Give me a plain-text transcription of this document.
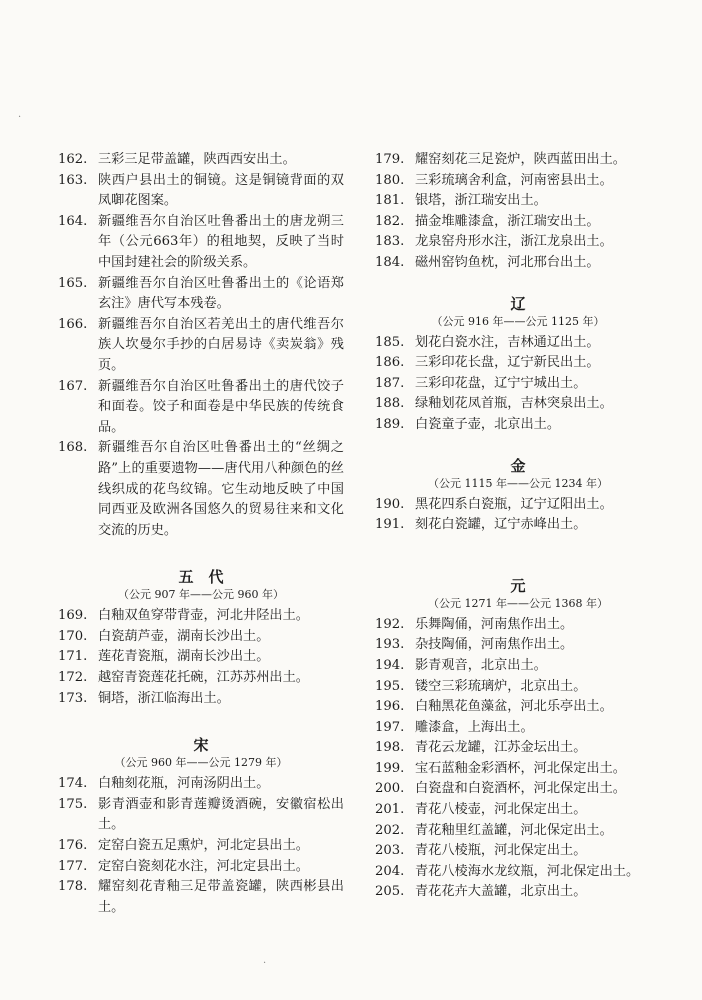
162. 三彩三足带盖罐，陕西西安出土。
163. 陕西户县出土的铜镜。这是铜镜背面的双凤啣花图案。
164. 新疆维吾尔自治区吐鲁番出土的唐龙朔三年（公元663年）的租地契，反映了当时中国封建社会的阶级关系。
165. 新疆维吾尔自治区吐鲁番出土的《论语郑玄注》唐代写本残卷。
166. 新疆维吾尔自治区若羌出土的唐代维吾尔族人坎曼尔手抄的白居易诗《卖炭翁》残页。
167. 新疆维吾尔自治区吐鲁番出土的唐代饺子和面卷。饺子和面卷是中华民族的传统食品。
168. 新疆维吾尔自治区吐鲁番出土的“丝绸之路”上的重要遗物——唐代用八种颜色的丝线织成的花鸟纹锦。它生动地反映了中国同西亚及欧洲各国悠久的贸易往来和文化交流的历史。
五　代
（公元 907 年——公元 960 年）
169. 白釉双鱼穿带背壶，河北井陉出土。
170. 白瓷葫芦壶，湖南长沙出土。
171. 莲花青瓷瓶，湖南长沙出土。
172. 越窑青瓷莲花托碗，江苏苏州出土。
173. 铜塔，浙江临海出土。
宋
（公元 960 年——公元 1279 年）
174. 白釉刻花瓶，河南汤阴出土。
175. 影青酒壶和影青莲瓣烫酒碗，安徽宿松出土。
176. 定窑白瓷五足熏炉，河北定县出土。
177. 定窑白瓷刻花水注，河北定县出土。
178. 耀窑刻花青釉三足带盖瓷罐，陕西彬县出土。
179. 耀窑刻花三足瓷炉，陕西蓝田出土。
180. 三彩琉璃舍利盒，河南密县出土。
181. 银塔，浙江瑞安出土。
182. 描金堆雕漆盒，浙江瑞安出土。
183. 龙泉窑舟形水注，浙江龙泉出土。
184. 磁州窑钧鱼枕，河北邢台出土。
辽
（公元 916 年——公元 1125 年）
185. 划花白瓷水注，吉林通辽出土。
186. 三彩印花长盘，辽宁新民出土。
187. 三彩印花盘，辽宁宁城出土。
188. 绿釉划花凤首瓶，吉林突泉出土。
189. 白瓷童子壶，北京出土。
金
（公元 1115 年——公元 1234 年）
190. 黑花四系白瓷瓶，辽宁辽阳出土。
191. 刻花白瓷罐，辽宁赤峰出土。
元
（公元 1271 年——公元 1368 年）
192. 乐舞陶俑，河南焦作出土。
193. 杂技陶俑，河南焦作出土。
194. 影青观音，北京出土。
195. 镂空三彩琉璃炉，北京出土。
196. 白釉黑花鱼藻盆，河北乐亭出土。
197. 雕漆盒，上海出土。
198. 青花云龙罐，江苏金坛出土。
199. 宝石蓝釉金彩酒杯，河北保定出土。
200. 白瓷盘和白瓷酒杯，河北保定出土。
201. 青花八棱壶，河北保定出土。
202. 青花釉里红盖罐，河北保定出土。
203. 青花八棱瓶，河北保定出土。
204. 青花八棱海水龙纹瓶，河北保定出土。
205. 青花花卉大盖罐，北京出土。
·
·
